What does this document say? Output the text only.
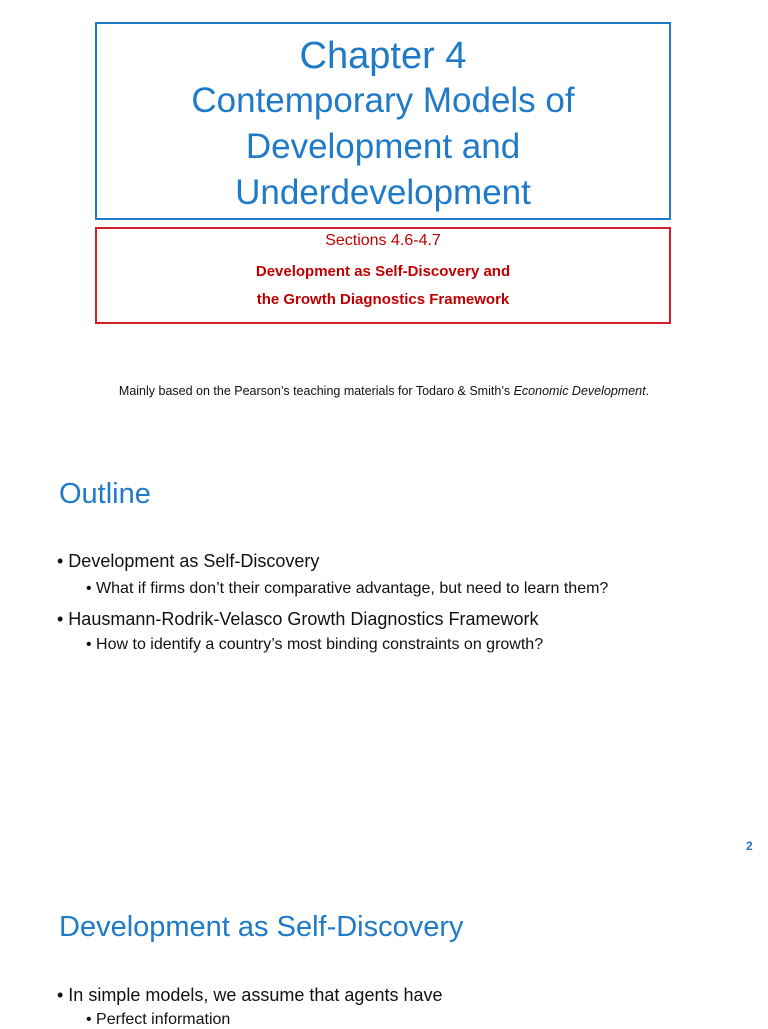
Chapter 4
Contemporary Models of
Development and
Underdevelopment
Sections 4.6-4.7
Development as Self-Discovery and
the Growth Diagnostics Framework
Mainly based on the Pearson’s teaching materials for Todaro & Smith’s Economic Development.
Outline
• Development as Self-Discovery
• What if firms don’t their comparative advantage, but need to learn them?
• Hausmann-Rodrik-Velasco Growth Diagnostics Framework
• How to identify a country’s most binding constraints on growth?
2
Development as Self-Discovery
• In simple models, we assume that agents have
• Perfect information
